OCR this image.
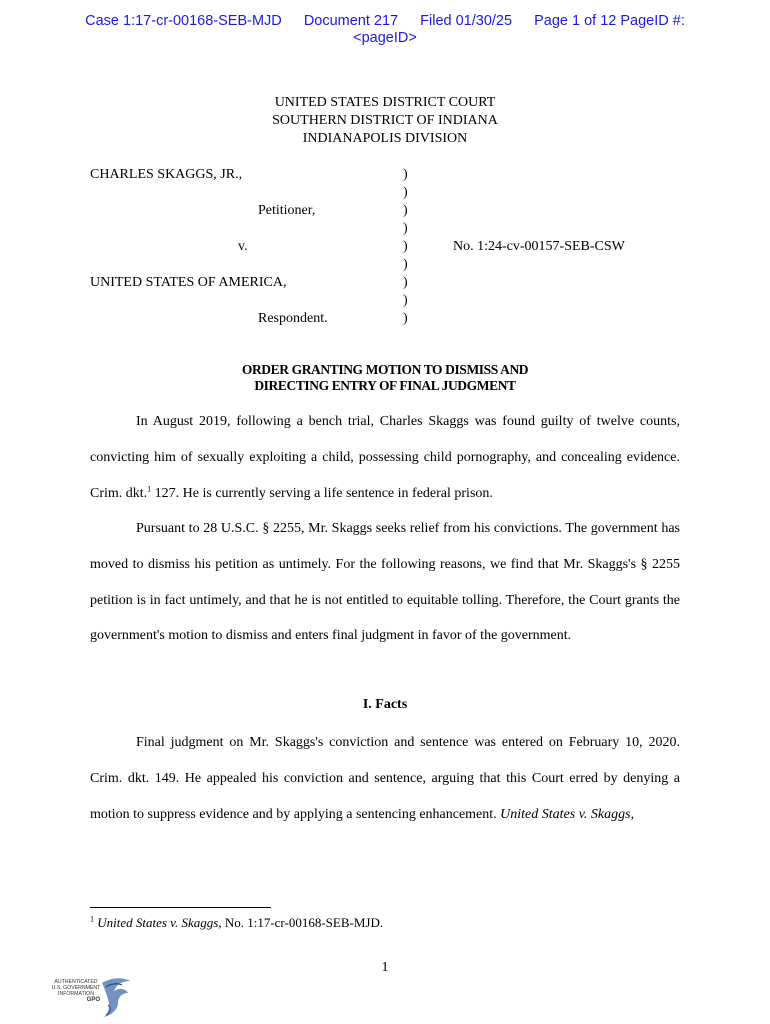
Case 1:17-cr-00168-SEB-MJD Document 217 Filed 01/30/25 Page 1 of 12 PageID #:
<pageID>
UNITED STATES DISTRICT COURT
SOUTHERN DISTRICT OF INDIANA
INDIANAPOLIS DIVISION
CHARLES SKAGGS, JR.,
Petitioner,
v.
UNITED STATES OF AMERICA,
Respondent.
No. 1:24-cv-00157-SEB-CSW
)
)
)
)
)
)
)
)
)
ORDER GRANTING MOTION TO DISMISS AND
DIRECTING ENTRY OF FINAL JUDGMENT
In August 2019, following a bench trial, Charles Skaggs was found guilty of twelve counts, convicting him of sexually exploiting a child, possessing child pornography, and concealing evidence. Crim. dkt.$^1$ 127. He is currently serving a life sentence in federal prison.
Pursuant to 28 U.S.C. § 2255, Mr. Skaggs seeks relief from his convictions. The government has moved to dismiss his petition as untimely. For the following reasons, we find that Mr. Skaggs's § 2255 petition is in fact untimely, and that he is not entitled to equitable tolling. Therefore, the Court grants the government's motion to dismiss and enters final judgment in favor of the government.
I. Facts
Final judgment on Mr. Skaggs's conviction and sentence was entered on February 10, 2020. Crim. dkt. 149. He appealed his conviction and sentence, arguing that this Court erred by denying a motion to suppress evidence and by applying a sentencing enhancement. United States v. Skaggs,
$^1$ United States v. Skaggs, No. 1:17-cr-00168-SEB-MJD.
1
AUTHENTICATED
U.S. GOVERNMENT
INFORMATION
GPO
